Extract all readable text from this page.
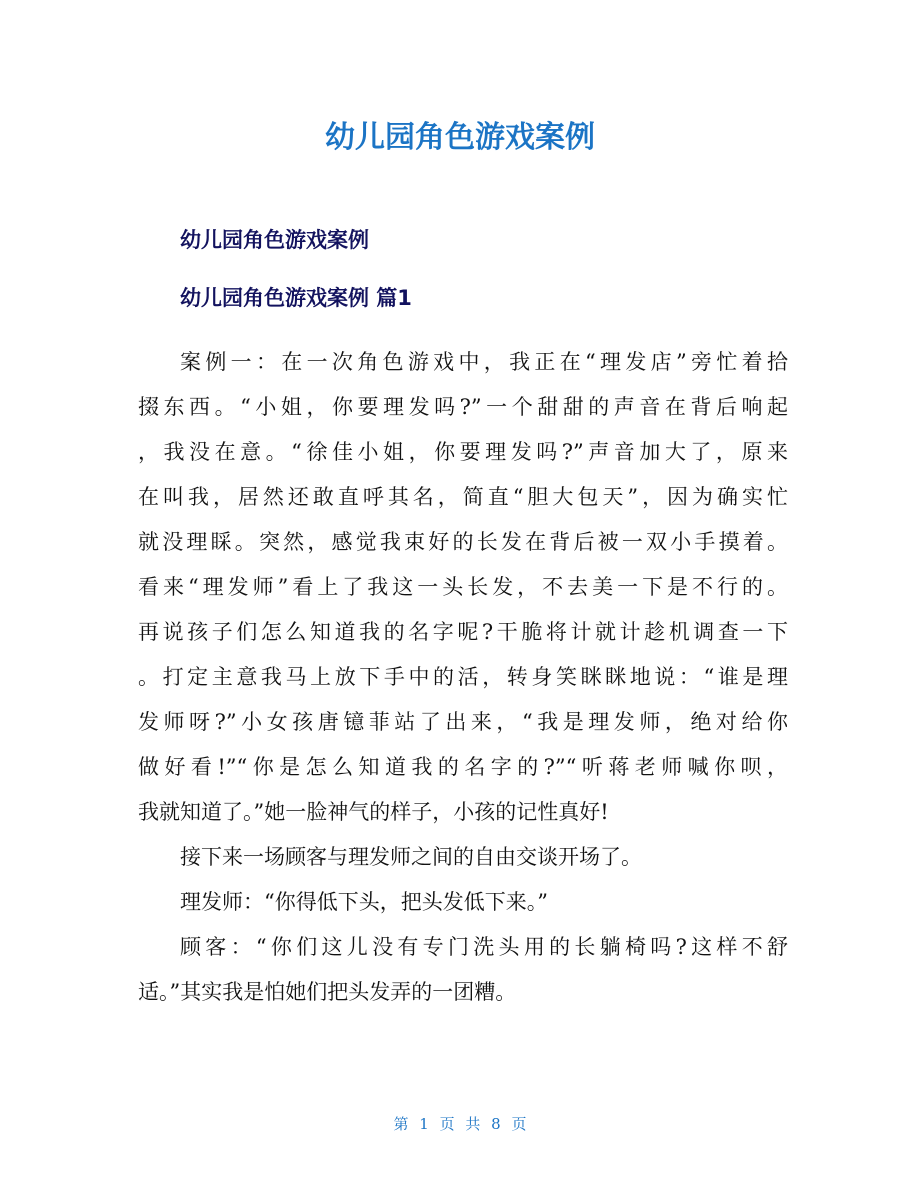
幼儿园角色游戏案例
幼儿园角色游戏案例
幼儿园角色游戏案例 篇1
案例一：在一次角色游戏中，我正在“理发店”旁忙着拾
掇东西。“小姐，你要理发吗?”一个甜甜的声音在背后响起
，我没在意。“徐佳小姐，你要理发吗?”声音加大了，原来
在叫我，居然还敢直呼其名，简直“胆大包天”，因为确实忙
就没理睬。突然，感觉我束好的长发在背后被一双小手摸着。
看来“理发师”看上了我这一头长发，不去美一下是不行的。
再说孩子们怎么知道我的名字呢?干脆将计就计趁机调查一下
。打定主意我马上放下手中的活，转身笑眯眯地说：“谁是理
发师呀?”小女孩唐镱菲站了出来，“我是理发师，绝对给你
做好看!”“你是怎么知道我的名字的?”“听蒋老师喊你呗，
我就知道了。”她一脸神气的样子，小孩的记性真好!
接下来一场顾客与理发师之间的自由交谈开场了。
理发师：“你得低下头，把头发低下来。”
顾客：“你们这儿没有专门洗头用的长躺椅吗?这样不舒
适。”其实我是怕她们把头发弄的一团糟。
第 1 页 共 8 页
